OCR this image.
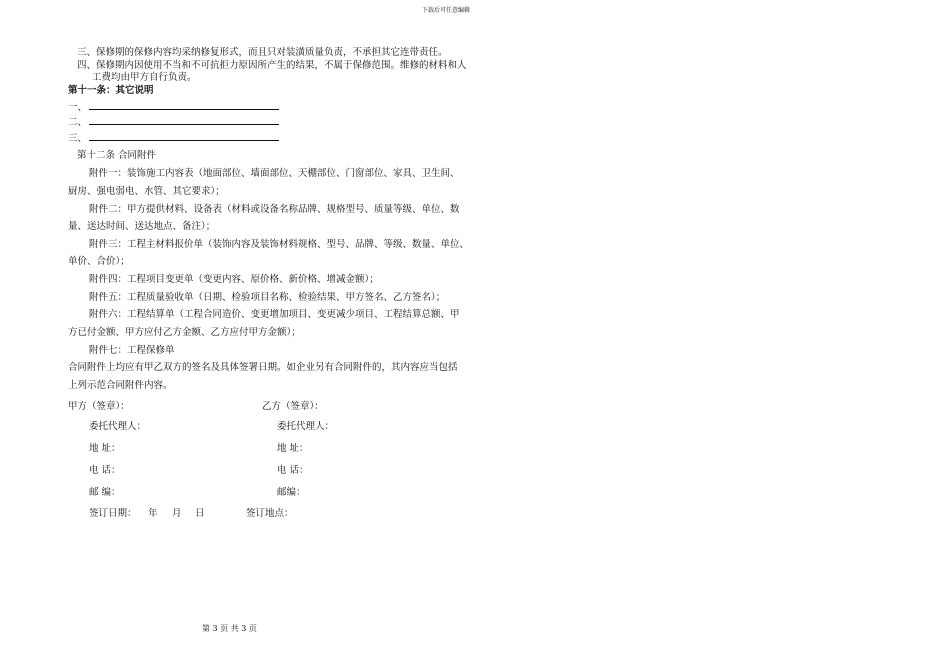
下载后可任意编辑
三、保修期的保修内容均采纳修复形式，而且只对装潢质量负责，不承担其它连带责任。
四、保修期内因使用不当和不可抗拒力原因所产生的结果，不属于保修范围。维修的材料和人
工费均由甲方自行负责。
第十一条：其它说明
一、
二、
三、
第十二条 合同附件
附件一：装饰施工内容表（地面部位、墙面部位、天棚部位、门窗部位、家具、卫生间、
厨房、强电弱电、水管、其它要求）；
附件二：甲方提供材料、设备表（材料或设备名称品牌、规格型号、质量等级、单位、数
量、送达时间、送达地点、备注）；
附件三：工程主材料报价单（装饰内容及装饰材料规格、型号、品牌、等级、数量、单位、
单价、合价）；
附件四：工程项目变更单（变更内容、原价格、新价格、增减金额）；
附件五：工程质量验收单（日期、检验项目名称、检验结果、甲方签名、乙方签名）；
附件六：工程结算单（工程合同造价、变更增加项目、变更减少项目、工程结算总额、甲
方已付金额、甲方应付乙方金额、乙方应付甲方金额）；
附件七：工程保修单
合同附件上均应有甲乙双方的签名及具体签署日期。如企业另有合同附件的，其内容应当包括
上列示范合同附件内容。
甲方（签章）：	乙方（签章）：
委托代理人：	委托代理人：
地 址：	地 址：
电 话：	电 话：
邮 编：	邮编：
签订日期： 年 月 日	签订地点：
第 3 页 共 3 页
